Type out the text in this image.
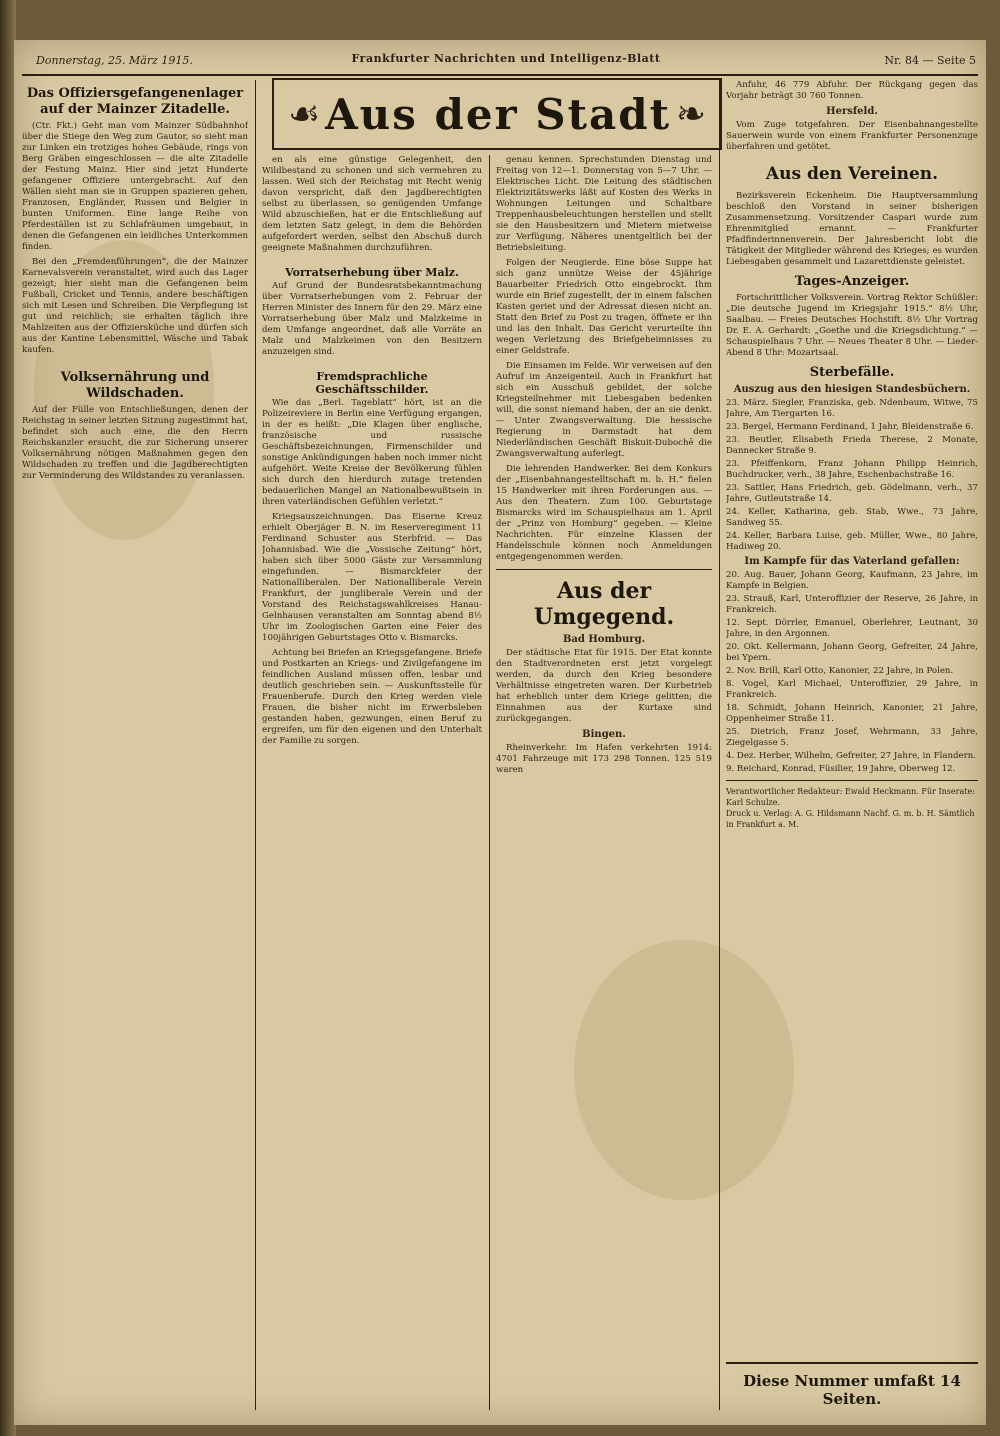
Donnerstag, 25. März 1915.	Frankfurter Nachrichten und Intelligenz-Blatt	Nr. 84 — Seite 5
☙ Aus der Stadt ❧
Das Offiziersgefangenenlager auf der Mainzer Zitadelle.

(Ctr. Fkt.) Geht man vom Mainzer Südbahnhof über die Stiege den Weg zum Gautor, so sieht man zur Linken ein trotziges hohes Gebäude, rings von Berg Gräben eingeschlossen — die alte Zitadelle der Festung Mainz. Hier sind jetzt Hunderte gefangener Offiziere untergebracht. Auf den Wällen sieht man sie in Gruppen spazieren gehen, Franzosen, Engländer, Russen und Belgier in bunten Uniformen. Eine lange Reihe von Pferdeställen ist zu Schlafräumen umgebaut, in denen die Gefangenen ein leidliches Unterkommen finden.

Bei den „Fremdenführungen“, die der Mainzer Karnevalsverein veranstaltet, wird auch das Lager gezeigt; hier sieht man die Gefangenen beim Fußball, Cricket und Tennis, andere beschäftigen sich mit Lesen und Schreiben. Die Verpflegung ist gut und reichlich; sie erhalten täglich ihre Mahlzeiten aus der Offiziersküche und dürfen sich aus der Kantine Lebensmittel, Wäsche und Tabak kaufen.

Volksernährung und Wildschaden.

Auf der Fülle von Entschließungen, denen der Reichstag in seiner letzten Sitzung zugestimmt hat, befindet sich auch eine, die den Herrn Reichskanzler ersucht, die zur Sicherung unserer Volksernährung nötigen Maßnahmen gegen den Wildschaden zu treffen und die Jagdberechtigten zur Verminderung des Wildstandes zu veranlassen.

en als eine günstige Gelegenheit, den Wildbestand zu schonen und sich vermehren zu lassen. Weil sich der Reichstag mit Recht wenig davon verspricht, daß den Jagdberechtigten selbst zu überlassen, so genügenden Umfange Wild abzuschießen, hat er die Entschließung auf dem letzten Satz gelegt, in dem die Behörden aufgefordert werden, selbst den Abschuß durch geeignete Maßnahmen durchzuführen.

Vorratserhebung über Malz.

Auf Grund der Bundesratsbekanntmachung über Vorratserhebungen vom 2. Februar der Herren Minister des Innern für den 29. März eine Vorratserhebung über Malz und Malzkeime in dem Umfange angeordnet, daß alle Vorräte an Malz und Malzkeimen von den Besitzern anzuzeigen sind.

Fremdsprachliche Geschäftsschilder.

Wie das „Berl. Tageblatt“ hört, ist an die Polizeireviere in Berlin eine Verfügung ergangen, in der es heißt: „Die Klagen über englische, französische und russische Geschäftsbezeichnungen, Firmenschilder und sonstige Ankündigungen haben noch immer nicht aufgehört. Weite Kreise der Bevölkerung fühlen sich durch den hierdurch zutage tretenden bedauerlichen Mangel an Nationalbewußtsein in ihren vaterländischen Gefühlen verletzt.“

Kriegsauszeichnungen. Das Eiserne Kreuz erhielt Oberjäger B. N. im Reserveregiment 11 Ferdinand Schuster aus Sterbfrid. — Das Johannisbad. Wie die „Vossische Zeitung“ hört, haben sich über 5000 Gäste zur Versammlung eingefunden. — Bismarckfeier der Nationalliberalen. Der Nationalliberale Verein Frankfurt, der jungliberale Verein und der Vorstand des Reichstagswahlkreises Hanau-Gelnhausen veranstalten am Sonntag abend 8½ Uhr im Zoologischen Garten eine Feier des 100jährigen Geburtstages Otto v. Bismarcks.

Achtung bei Briefen an Kriegsgefangene. Briefe und Postkarten an Kriegs- und Zivilgefangene im feindlichen Ausland müssen offen, lesbar und deutlich geschrieben sein. — Auskunftsstelle für Frauenberufe. Durch den Krieg werden viele Frauen, die bisher nicht im Erwerbsleben gestanden haben, gezwungen, einen Beruf zu ergreifen, um für den eigenen und den Unterhalt der Familie zu sorgen.

genau kennen. Sprechstunden Dienstag und Freitag von 12—1. Donnerstag von 5—7 Uhr. — Elektrisches Licht. Die Leitung des städtischen Elektrizitätswerks läßt auf Kosten des Werks in Wohnungen Leitungen und Schaltbare Treppenhausbeleuchtungen herstellen und stellt sie den Hausbesitzern und Mietern mietweise zur Verfügung. Näheres unentgeltlich bei der Betriebsleitung.

Folgen der Neugierde. Eine böse Suppe hat sich ganz unnütze Weise der 45jährige Bauarbeiter Friedrich Otto eingebrockt. Ihm wurde ein Brief zugestellt, der in einem falschen Kasten geriet und der Adressat diesen nicht an. Statt den Brief zu Post zu tragen, öffnete er ihn und las den Inhalt. Das Gericht verurteilte ihn wegen Verletzung des Briefgeheimnisses zu einer Geldstrafe.

Die Einsamen im Felde. Wir verweisen auf den Aufruf im Anzeigenteil. Auch in Frankfurt hat sich ein Ausschuß gebildet, der solche Kriegsteilnehmer mit Liebesgaben bedenken will, die sonst niemand haben, der an sie denkt. — Unter Zwangsverwaltung. Die hessische Regierung in Darmstadt hat dem Niederländischen Geschäft Biskuit-Dubochē die Zwangsverwaltung auferlegt.

Die lehrenden Handwerker. Bei dem Konkurs der „Eisenbahnangestelltschaft m. b. H.“ fielen 15 Handwerker mit ihren Forderungen aus. — Aus den Theatern. Zum 100. Geburtstage Bismarcks wird im Schauspielhaus am 1. April der „Prinz von Homburg“ gegeben. — Kleine Nachrichten. Für einzelne Klassen der Handelsschule können noch Anmeldungen entgegengenommen werden.

Aus der Umgegend.
Bad Homburg.

Der städtische Etat für 1915. Der Etat konnte den Stadtverordneten erst jetzt vorgelegt werden, da durch den Krieg besondere Verhältnisse eingetreten waren. Der Kurbetrieb hat erheblich unter dem Kriege gelitten; die Einnahmen aus der Kurtaxe sind zurückgegangen.

Bingen.

Rheinverkehr. Im Hafen verkehrten 1914: 4701 Fahrzeuge mit 173 298 Tonnen. 125 519 waren

Anfuhr, 46 779 Abfuhr. Der Rückgang gegen das Vorjahr beträgt 30 760 Tonnen.

Hersfeld.

Vom Zuge totgefahren. Der Eisenbahnangestellte Sauerwein wurde von einem Frankfurter Personenzuge überfahren und getötet.

Aus den Vereinen.

Bezirksverein Eckenheim. Die Hauptversammlung beschloß den Vorstand in seiner bisherigen Zusammensetzung. Vorsitzender Caspari wurde zum Ehrenmitglied ernannt. — Frankfurter Pfadfinderinnenverein. Der Jahresbericht lobt die Tätigkeit der Mitglieder während des Krieges; es wurden Liebesgaben gesammelt und Lazarettdienste geleistet.

Tages-Anzeiger.

Fortschrittlicher Volksverein. Vortrag Rektor Schüßler: „Die deutsche Jugend im Kriegsjahr 1915.“ 8½ Uhr, Saalbau. — Freies Deutsches Hochstift. 8½ Uhr Vortrag Dr. E. A. Gerhardt: „Goethe und die Kriegsdichtung.“ — Schauspielhaus 7 Uhr. — Neues Theater 8 Uhr. — Lieder-Abend 8 Uhr: Mozartsaal.

Sterbefälle.
Auszug aus den hiesigen Standesbüchern.
23. März. Siegler, Franziska, geb. Ndenbaum, Witwe, 75 Jahre, Am Tiergarten 16.
23. Bergel, Hermann Ferdinand, 1 Jahr, Bleidenstraße 6.
23. Beutler, Elisabeth Frieda Therese, 2 Monate, Dannecker Straße 9.
23. Pfeiffenkorn, Franz Johann Philipp Heinrich, Buchdrucker, verh., 38 Jahre, Eschenbachstraße 16.
23. Sattler, Hans Friedrich, geb. Gödelmann, verh., 37 Jahre, Gutleutstraße 14.
24. Keller, Katharina, geb. Stab, Wwe., 73 Jahre, Sandweg 55.
24. Keller, Barbara Luise, geb. Müller, Wwe., 80 Jahre, Hadiweg 20.
Im Kampfe für das Vaterland gefallen:
20. Aug. Bauer, Johann Georg, Kaufmann, 23 Jahre, im Kampfe in Belgien.
23. Strauß, Karl, Unteroffizier der Reserve, 26 Jahre, in Frankreich.
12. Sept. Dörrler, Emanuel, Oberlehrer, Leutnant, 30 Jahre, in den Argonnen.
20. Okt. Kellermann, Johann Georg, Gefreiter, 24 Jahre, bei Ypern.
2. Nov. Brill, Karl Otto, Kanonier, 22 Jahre, in Polen.
8. Vogel, Karl Michael, Unteroffizier, 29 Jahre, in Frankreich.
18. Schmidt, Johann Heinrich, Kanonier, 21 Jahre, Oppenheimer Straße 11.
25. Dietrich, Franz Josef, Wehrmann, 33 Jahre, Ziegelgasse 5.
4. Dez. Herber, Wilhelm, Gefreiter, 27 Jahre, in Flandern.
9. Reichard, Konrad, Füsilier, 19 Jahre, Oberweg 12.
Verantwortlicher Redakteur: Ewald Heckmann. Für Inserate: Karl Schulze.
Druck u. Verlag: A. G. Hildsmann Nachf. G. m. b. H. Sämtlich in Frankfurt a. M.
Diese Nummer umfaßt 14 Seiten.
